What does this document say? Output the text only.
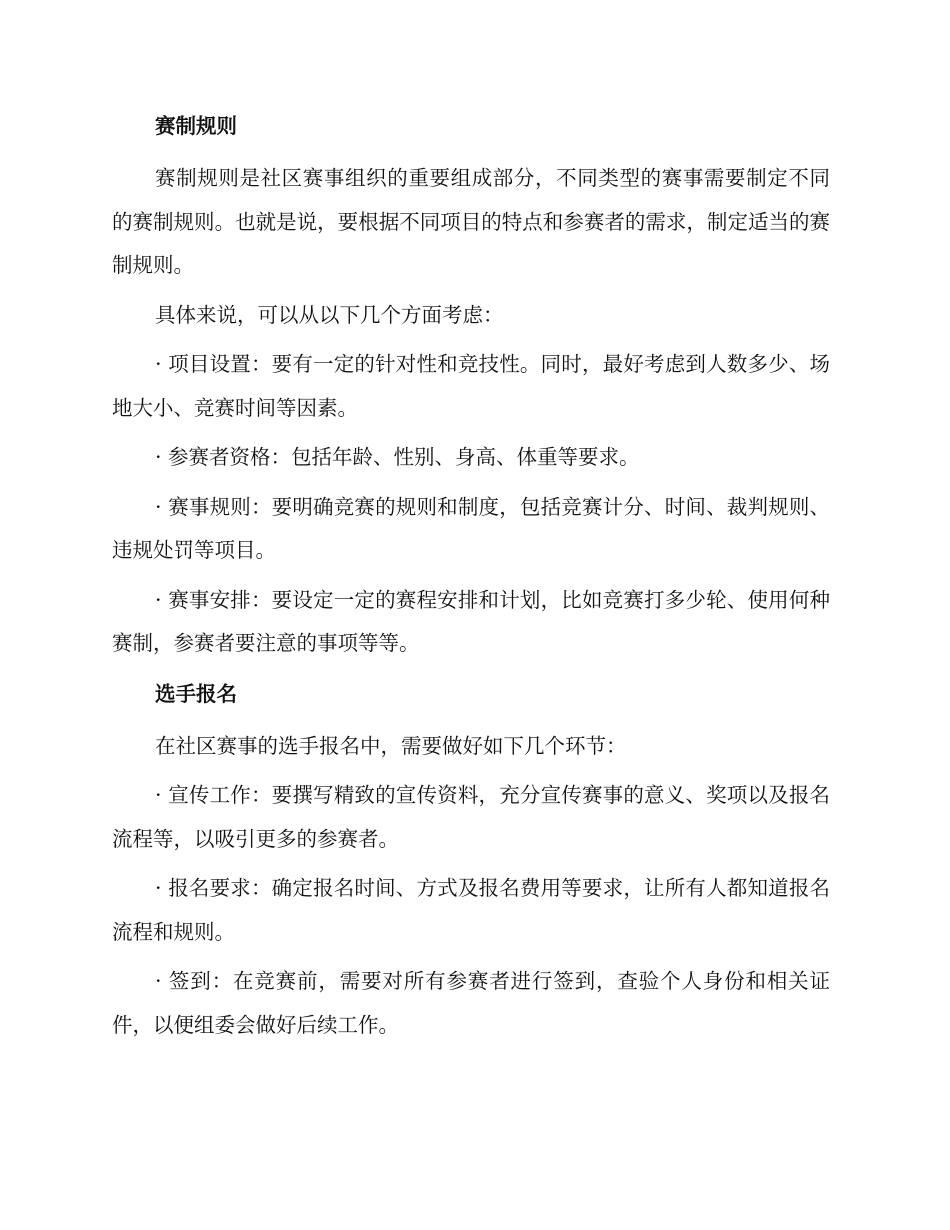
赛制规则

赛制规则是社区赛事组织的重要组成部分，不同类型的赛事需要制定不同的赛制规则。也就是说，要根据不同项目的特点和参赛者的需求，制定适当的赛制规则。

具体来说，可以从以下几个方面考虑：

· 项目设置：要有一定的针对性和竞技性。同时，最好考虑到人数多少、场地大小、竞赛时间等因素。

· 参赛者资格：包括年龄、性别、身高、体重等要求。

· 赛事规则：要明确竞赛的规则和制度，包括竞赛计分、时间、裁判规则、违规处罚等项目。

· 赛事安排：要设定一定的赛程安排和计划，比如竞赛打多少轮、使用何种赛制，参赛者要注意的事项等等。

选手报名

在社区赛事的选手报名中，需要做好如下几个环节：

· 宣传工作：要撰写精致的宣传资料，充分宣传赛事的意义、奖项以及报名流程等，以吸引更多的参赛者。

· 报名要求：确定报名时间、方式及报名费用等要求，让所有人都知道报名流程和规则。

· 签到：在竞赛前，需要对所有参赛者进行签到，查验个人身份和相关证件，以便组委会做好后续工作。
